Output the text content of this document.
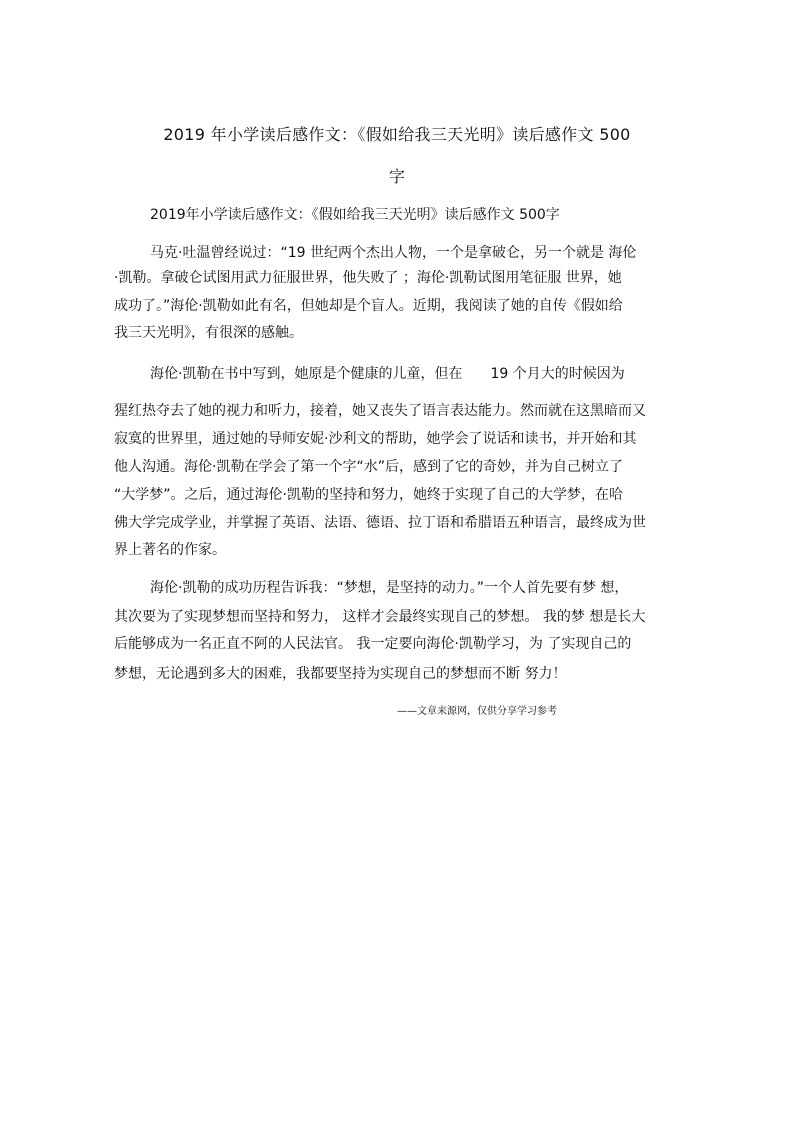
2019 年小学读后感作文：《假如给我三天光明》读后感作文 500
字
2019年小学读后感作文：《假如给我三天光明》读后感作文 500字
马克·吐温曾经说过：“19 世纪两个杰出人物，一个是拿破仑，另一个就是 海伦
·凯勒。拿破仑试图用武力征服世界，他失败了 ；海伦·凯勒试图用笔征服 世界，她
成功了。”海伦·凯勒如此有名，但她却是个盲人。近期，我阅读了她的自传《假如给
我三天光明》，有很深的感触。
海伦·凯勒在书中写到，她原是个健康的儿童，但在　　19 个月大的时候因为
猩红热夺去了她的视力和听力，接着，她又丧失了语言表达能力。然而就在这黑暗而又
寂寞的世界里，通过她的导师安妮·沙利文的帮助，她学会了说话和读书，并开始和其
他人沟通。海伦·凯勒在学会了第一个字“水”后，感到了它的奇妙，并为自己树立了
“大学梦”。之后，通过海伦·凯勒的坚持和努力，她终于实现了自己的大学梦，在哈
佛大学完成学业，并掌握了英语、法语、德语、拉丁语和希腊语五种语言，最终成为世
界上著名的作家。
海伦·凯勒的成功历程告诉我：“梦想，是坚持的动力。”一个人首先要有梦 想，
其次要为了实现梦想而坚持和努力， 这样才会最终实现自己的梦想。 我的梦 想是长大
后能够成为一名正直不阿的人民法官。 我一定要向海伦·凯勒学习，为 了实现自己的
梦想，无论遇到多大的困难，我都要坚持为实现自己的梦想而不断 努力！
——文章来源网，仅供分享学习参考
